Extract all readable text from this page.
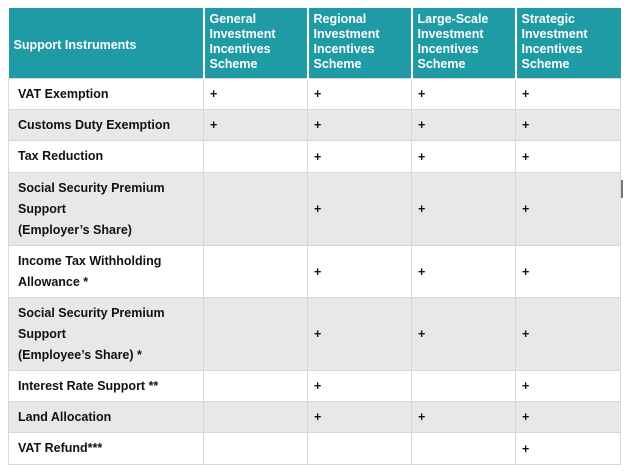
Support Instruments	General
Investment
Incentives
Scheme	Regional
Investment
Incentives
Scheme	Large-Scale
Investment
Incentives
Scheme	Strategic
Investment
Incentives
Scheme
VAT Exemption	+	+	+	+
Customs Duty Exemption	+	+	+	+
Tax Reduction		+	+	+
Social Security Premium
Support
(Employer’s Share)		+	+	+
Income Tax Withholding
Allowance *		+	+	+
Social Security Premium
Support
(Employee’s Share) *		+	+	+
Interest Rate Support **		+		+
Land Allocation		+	+	+
VAT Refund***				+
